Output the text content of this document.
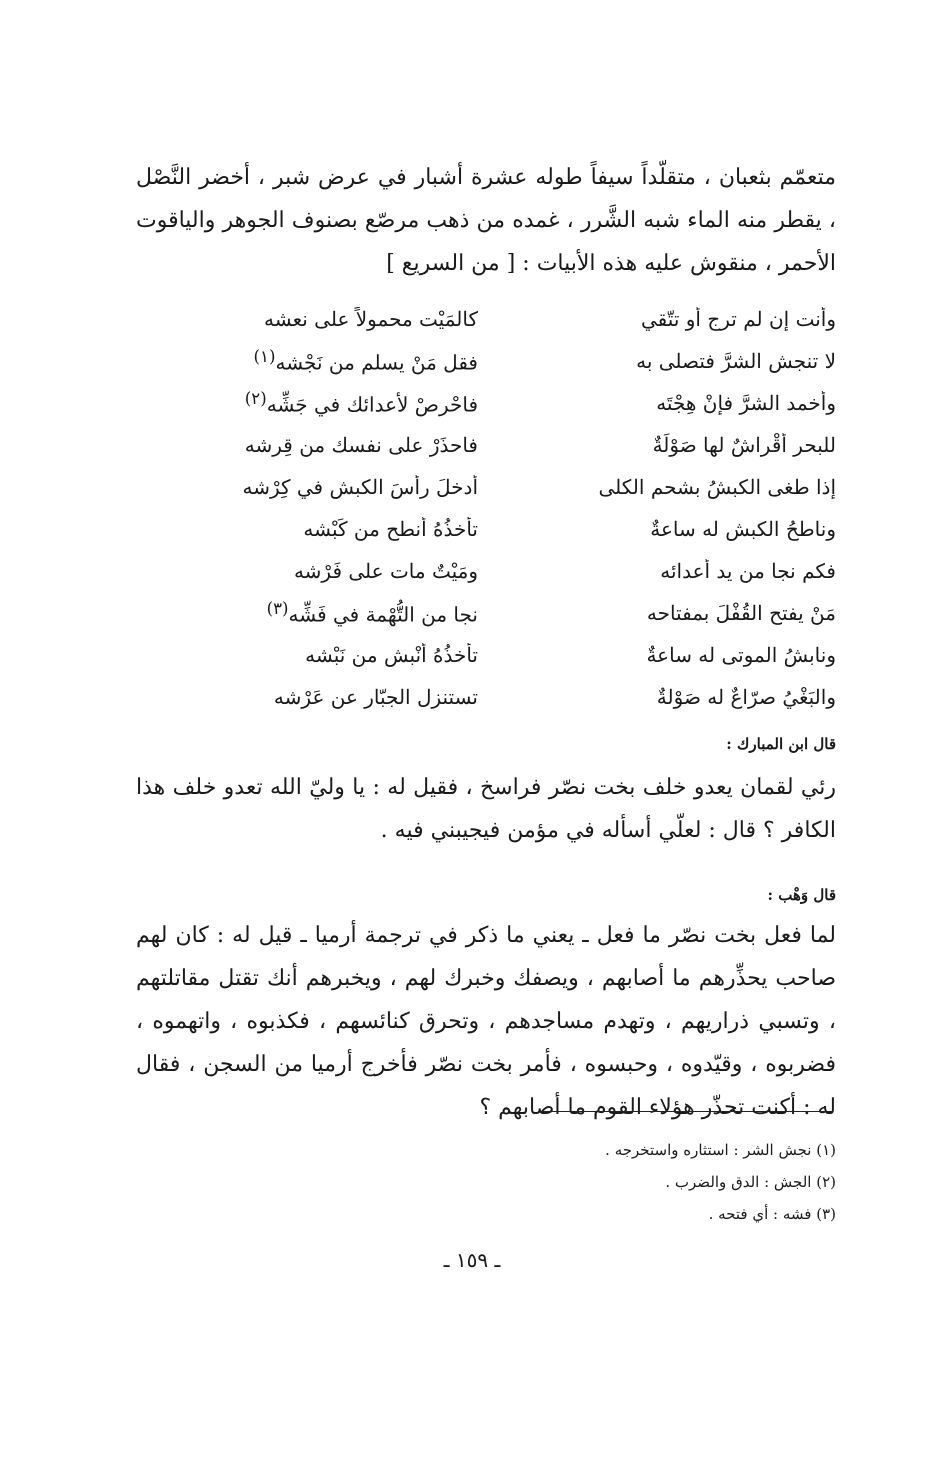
متعمّم بثعبان ، متقلّداً سيفاً طوله عشرة أشبار في عرض شبر ، أخضر النَّصْل ، يقطر منه الماء شبه الشَّرر ، غمده من ذهب مرصّع بصنوف الجوهر والياقوت الأحمر ، منقوش عليه هذه الأبيات : [ من السريع ]

وأنت إن لم ترج أو تتّقي
كالمَيْت محمولاً على نعشه
لا تنجش الشرَّ فتصلى به
فقل مَنْ يسلم من نَجْشه$^{(١)}$
وأخمد الشرَّ فإنْ هِجْتَه
فاحْرِصْ لأعدائك في جَشِّه$^{(٢)}$
للبحر أقْراشٌ لها صَوْلَةٌ
فاحذَرْ على نفسك من قِرشه
إذا طغى الكبشُ بشحم الكلى
أدخلَ رأسَ الكبش في كِرْشه
وناطحُ الكبش له ساعةٌ
تأخذُهُ أنطح من كَبْشه
فكم نجا من يد أعدائه
ومَيْتٌ مات على فَرْشه
مَنْ يفتح القُفْلَ بمفتاحه
نجا من التُّهْمة في فَشِّه$^{(٣)}$
ونابشُ الموتى له ساعةٌ
تأخذُهُ أنْبش من نَبْشه
والبَغْيُ صرّاعٌ له صَوْلةٌ
تستنزل الجبّار عن عَرْشه
قال ابن المبارك :

رئي لقمان يعدو خلف بخت نصّر فراسخ ، فقيل له : يا وليّ الله تعدو خلف هذا الكافر ؟ قال : لعلّي أسأله في مؤمن فيجيبني فيه .

قال وَهْب :

لما فعل بخت نصّر ما فعل ـ يعني ما ذكر في ترجمة أرميا ـ قيل له : كان لهم صاحب يحذِّرهم ما أصابهم ، ويصفك وخبرك لهم ، ويخبرهم أنك تقتل مقاتلتهم ، وتسبي ذراريهم ، وتهدم مساجدهم ، وتحرق كنائسهم ، فكذبوه ، واتهموه ، فضربوه ، وقيّدوه ، وحبسوه ، فأمر بخت نصّر فأخرج أرميا من السجن ، فقال له : أكنت تحذّر هؤلاء القوم ما أصابهم ؟

(١) نجش الشر : استثاره واستخرجه .
(٢) الجش : الدق والضرب .
(٣) فشه : أي فتحه .
ـ ١٥٩ ـ
